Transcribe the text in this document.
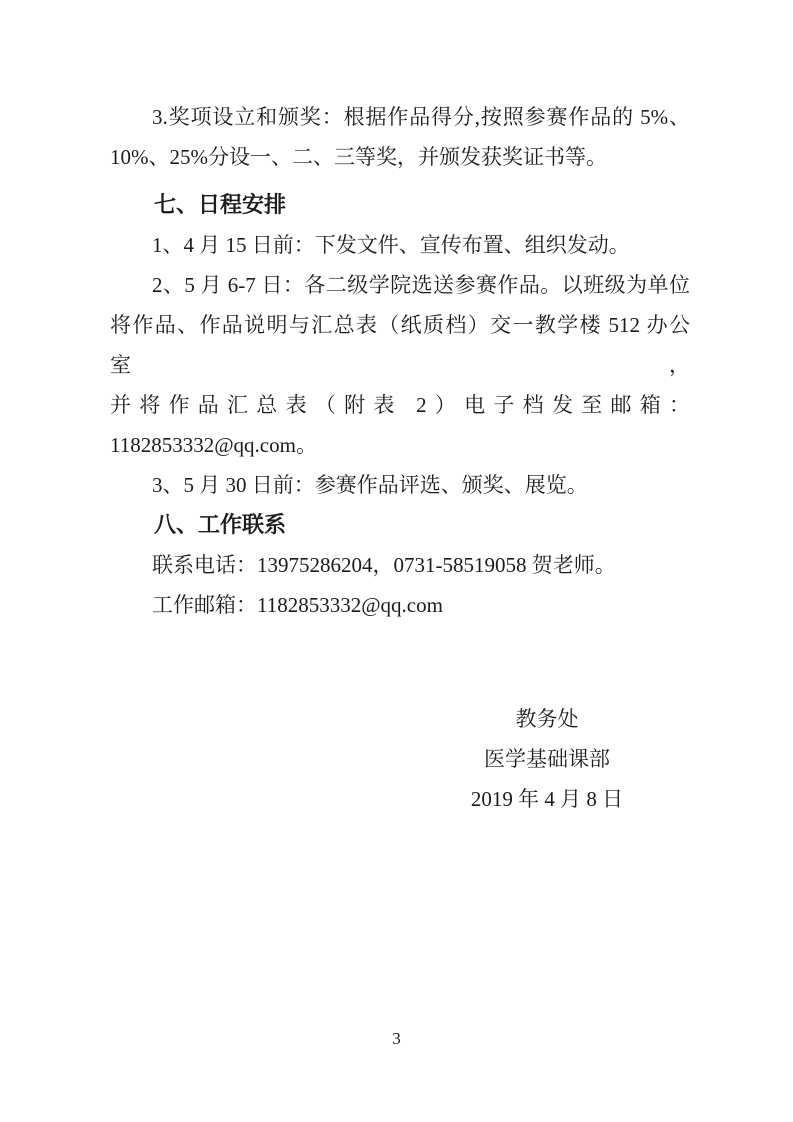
3.奖项设立和颁奖：根据作品得分,按照参赛作品的 5%、

10%、25%分设一、二、三等奖，并颁发获奖证书等。

七、日程安排

1、4 月 15 日前：下发文件、宣传布置、组织发动。

2、5 月 6-7 日：各二级学院选送参赛作品。以班级为单位

将作品、作品说明与汇总表（纸质档）交一教学楼 512 办公室，

并将作品汇总表（附表 2）电子档发至邮箱：

1182853332@qq.com。

3、5 月 30 日前：参赛作品评选、颁奖、展览。

八、工作联系

联系电话：13975286204，0731-58519058 贺老师。

工作邮箱：1182853332@qq.com

教务处

医学基础课部

2019 年 4 月 8 日

3
